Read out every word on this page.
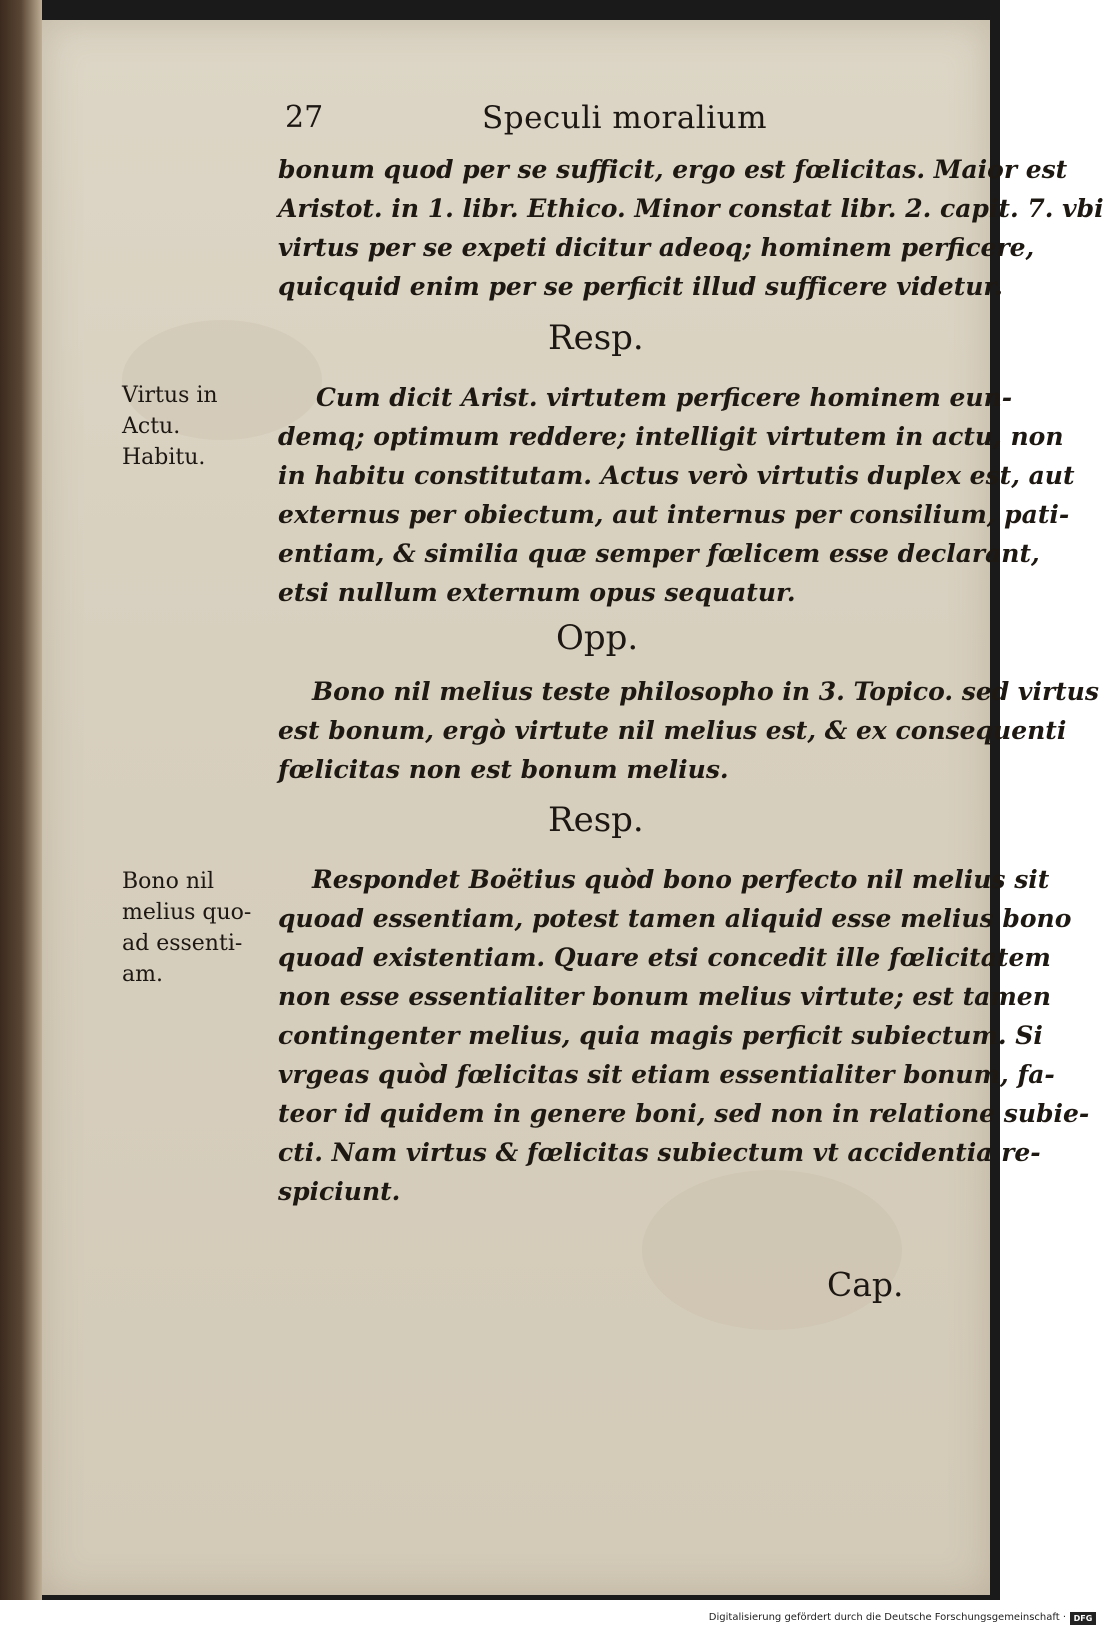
27	Speculi moralium
bonum quod per se sufficit, ergo est fœlicitas. Maior est
Aristot. in 1. libr. Ethico. Minor constat libr. 2. capit. 7. vbi
virtus per se expeti dicitur adeoq; hominem perficere,
quicquid enim per se perficit illud sufficere videtur.
Resp.
Virtus in
Actu.
Habitu.
Cum dicit Arist. virtutem perficere hominem eun-
demq; optimum reddere; intelligit virtutem in actu, non
in habitu constitutam. Actus verò virtutis duplex est, aut
externus per obiectum, aut internus per consilium, pati-
entiam, & similia quæ semper fœlicem esse declarant,
etsi nullum externum opus sequatur.
Opp.
Bono nil melius teste philosopho in 3. Topico. sed virtus
est bonum, ergò virtute nil melius est, & ex consequenti
fœlicitas non est bonum melius.
Resp.
Bono nil
melius quo-
ad essenti-
am.
Respondet Boëtius quòd bono perfecto nil melius sit
quoad essentiam, potest tamen aliquid esse melius bono
quoad existentiam. Quare etsi concedit ille fœlicitatem
non esse essentialiter bonum melius virtute; est tamen
contingenter melius, quia magis perficit subiectum. Si
vrgeas quòd fœlicitas sit etiam essentialiter bonum, fa-
teor id quidem in genere boni, sed non in relatione subie-
cti. Nam virtus & fœlicitas subiectum vt accidentia re-
spiciunt.
Cap.
Digitalisierung gefördert durch die Deutsche Forschungsgemeinschaft · DFG
